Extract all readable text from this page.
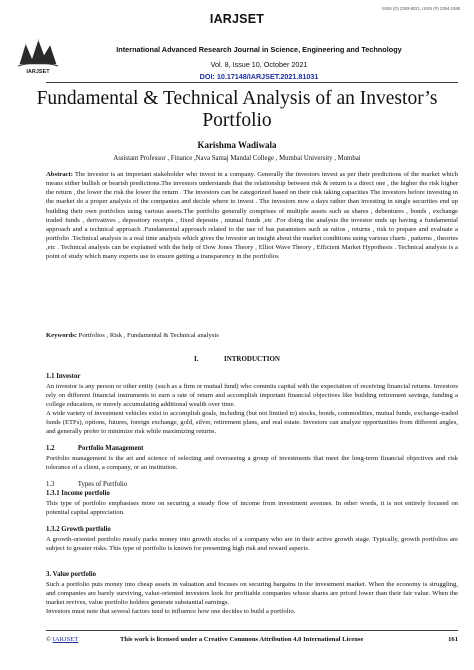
ISSN (O) 2393-8021, ISSN (P) 2394-1588
IARJSET
IARJSET
International Advanced Research Journal in Science, Engineering and Technology
Vol. 8, Issue 10, October 2021
DOI: 10.17148/IARJSET.2021.81031
Fundamental & Technical Analysis of an Investor’s Portfolio
Karishma Wadiwala
Assistant Professor , Finance ,Nava Samaj Mandal College , Mumbai University , Mumbai

Abstract: The investor is an important stakeholder who invest in a company. Generally the investors invest as per their predictions of the market which means either bullish or bearish predictions.The investors understands that the relationship between risk & return is a direct one , the higher the risk higher the return , the lower the risk the lower the return . The investors can be categorized based on their risk taking capacities The investors before investing in the market do a proper analysis of the companies and decide where to invest . The investors now a days rather than investing in single securities end up building their own portfolios using various assets.The portfolio generally comprises of multiple assets such as shares , debentures , bonds , exchange traded funds , derivatives , depository receipts , fixed deposits , mutual funds ,etc .For doing the analysis the investor ends up having a fundamental approach and a technical approach .Fundamental approach related to the use of bas parameters such as ratios , returns , risk to prepare and evaluate a portfolio .Technical analysis is a real time analysis which gives the investor an insight about the market conditions using various charts , patterns , theories ,etc . Technical analysis can be explained with the help of Dow Jones Theory , Elliot Wave Theory , Efficient Market Hypothesis . Technical analysis is a point of study which many experts use to ensure getting a transparency in the portfolios

Keywords: Portfolios , Risk , Fundamental & Technical analysis

I.	INTRODUCTION
1.1 Investor

An investor is any person or other entity (such as a firm or mutual fund) who commits capital with the expectation of receiving financial returns. Investors rely on different financial instruments to earn a rate of return and accomplish important financial objectives like building retirement savings, funding a college education, or merely accumulating additional wealth over time.

A wide variety of investment vehicles exist to accomplish goals, including (but not limited to) stocks, bonds, commodities, mutual funds, exchange-traded funds (ETFs), options, futures, foreign exchange, gold, silver, retirement plans, and real estate. Investors can analyze opportunities from different angles, and generally prefer to minimize risk while maximizing returns.

1.2	Portfolio Management

Portfolio management is the art and science of selecting and overseeing a group of investments that meet the long-term financial objectives and risk tolerance of a client, a company, or an institution.

1.3	Types of Portfolio
1.3.1 Income portfolio

This type of portfolio emphasises more on securing a steady flow of income from investment avenues. In other words, it is not entirely focused on potential capital appreciation.

1.3.2 Growth portfolio

A growth-oriented portfolio mostly parks money into growth stocks of a company who are in their active growth stage. Typically, growth portfolios are subject to greater risks. This type of portfolio is known for presenting high risk and reward aspects.

3. Value portfolio

Such a portfolio puts money into cheap assets in valuation and focuses on securing bargains in the investment market. When the economy is struggling, and companies are barely surviving, value-oriented investors look for profitable companies whose shares are priced lower than their fair value. When the market revives, value portfolio holders generate substantial earnings.

Investors must note that several factors tend to influence how one decides to build a portfolio.

© IARJSET	This work is licensed under a Creative Commons Attribution 4.0 International License	161
